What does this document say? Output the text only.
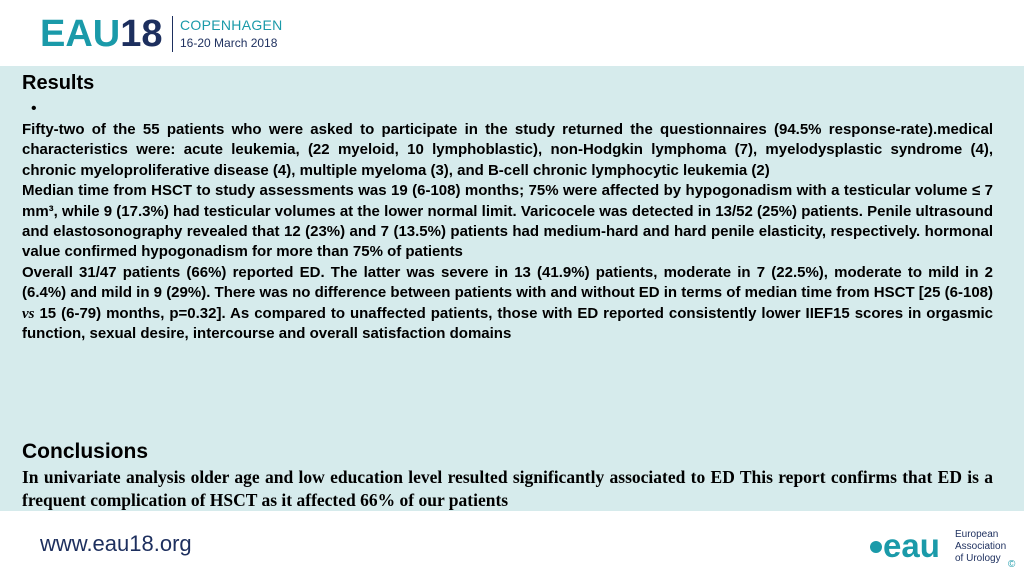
EAU 18 COPENHAGEN
16-20 March 2018
Results
•

Fifty-two of the 55 patients who were asked to participate in the study returned the questionnaires (94.5% response-rate).medical characteristics were: acute leukemia, (22 myeloid, 10 lymphoblastic), non-Hodgkin lymphoma (7), myelodysplastic syndrome (4), chronic myeloproliferative disease (4), multiple myeloma (3), and B-cell chronic lymphocytic leukemia (2)

Median time from HSCT to study assessments was 19 (6-108) months; 75% were affected by hypogonadism with a testicular volume ≤ 7 mm³, while 9 (17.3%) had testicular volumes at the lower normal limit. Varicocele was detected in 13/52 (25%) patients. Penile ultrasound and elastosonography revealed that 12 (23%) and 7 (13.5%) patients had medium-hard and hard penile elasticity, respectively. hormonal value confirmed hypogonadism for more than 75% of patients

Overall 31/47 patients (66%) reported ED. The latter was severe in 13 (41.9%) patients, moderate in 7 (22.5%), moderate to mild in 2 (6.4%) and mild in 9 (29%). There was no difference between patients with and without ED in terms of median time from HSCT [25 (6-108) vs 15 (6-79) months, p=0.32]. As compared to unaffected patients, those with ED reported consistently lower IIEF15 scores in orgasmic function, sexual desire, intercourse and overall satisfaction domains

Conclusions
In univariate analysis older age and low education level resulted significantly associated to ED This report confirms that ED is a frequent complication of HSCT as it affected 66% of our patients
www.eau18.org	eau European
Association
of Urology
©
